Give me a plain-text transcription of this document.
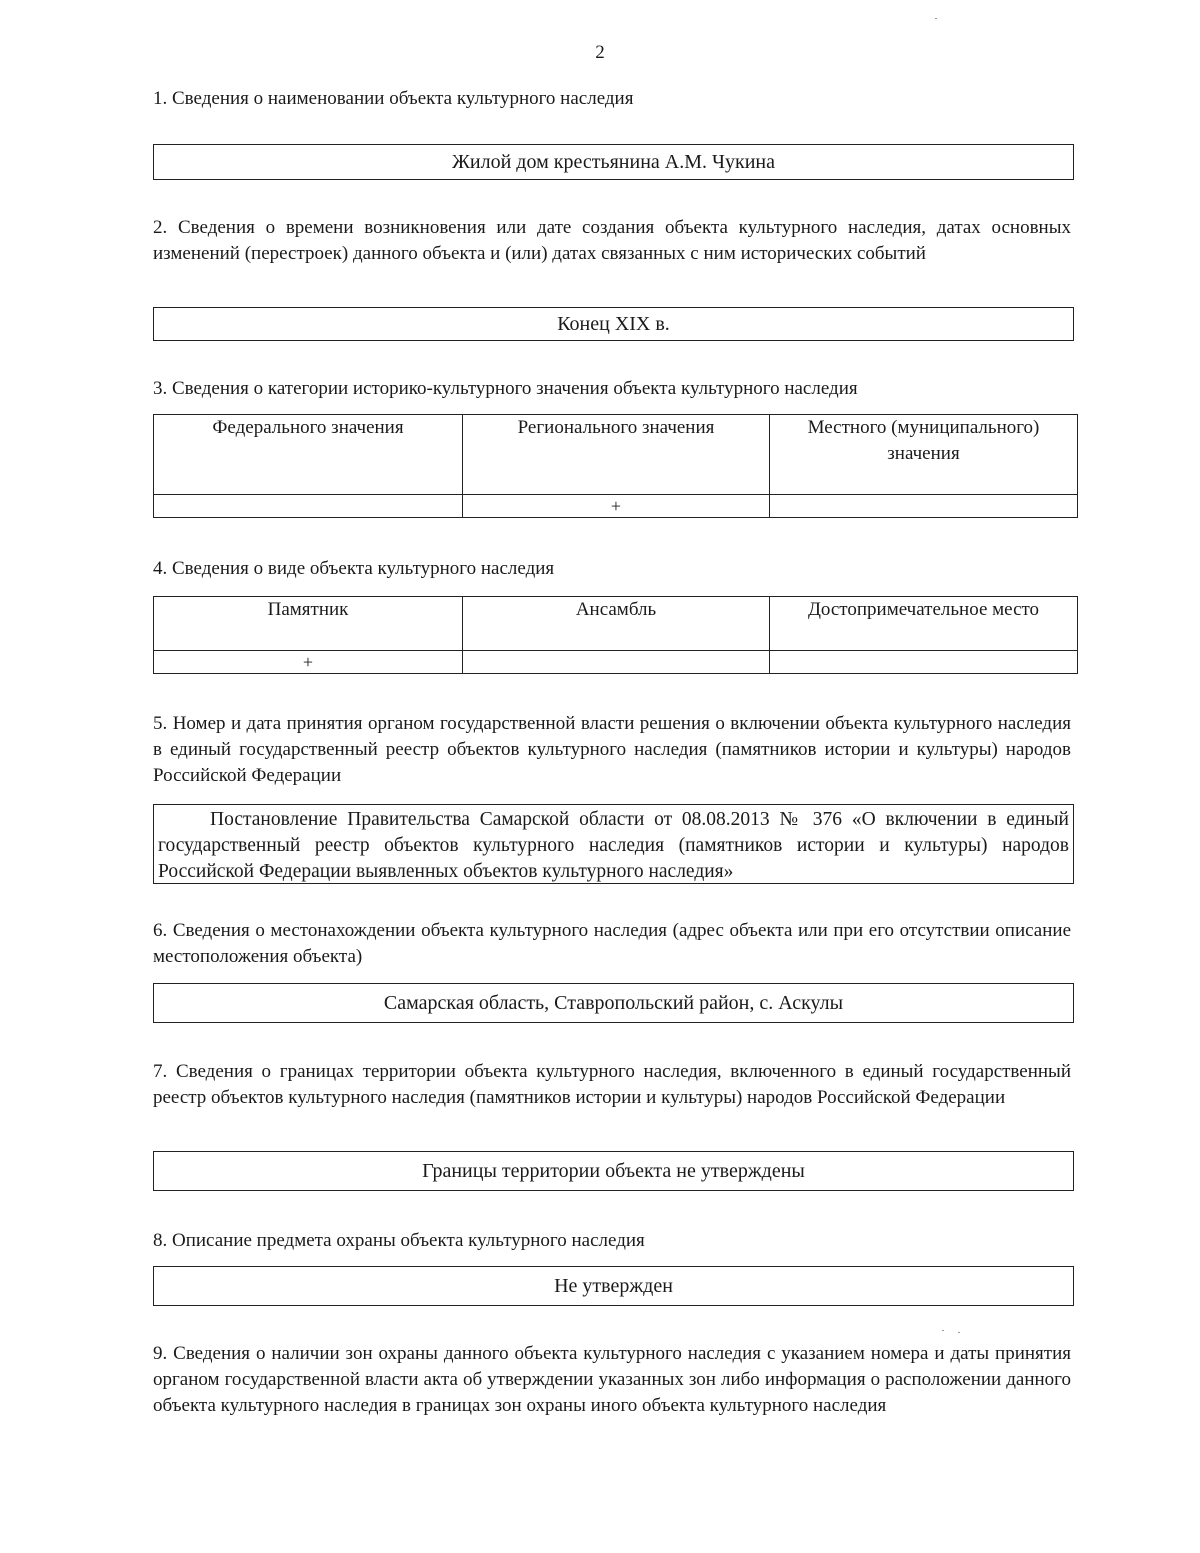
2
1. Сведения о наименовании объекта культурного наследия
Жилой дом крестьянина А.М. Чукина
2. Сведения о времени возникновения или дате создания объекта культурного наследия, датах основных изменений (перестроек) данного объекта и (или) датах связанных с ним исторических событий
Конец XIX в.
3. Сведения о категории историко-культурного значения объекта культурного наследия
Федерального значения	Регионального значения	Местного (муниципального) значения
	+	
4. Сведения о виде объекта культурного наследия
Памятник	Ансамбль	Достопримечательное место
+		
5. Номер и дата принятия органом государственной власти решения о включении объекта культурного наследия в единый государственный реестр объектов культурного наследия (памятников истории и культуры) народов Российской Федерации
Постановление Правительства Самарской области от 08.08.2013 № 376 «О включении в единый государственный реестр объектов культурного наследия (памятников истории и культуры) народов Российской Федерации выявленных объектов культурного наследия»
6. Сведения о местонахождении объекта культурного наследия (адрес объекта или при его отсутствии описание местоположения объекта)
Самарская область, Ставропольский район, с. Аскулы
7. Сведения о границах территории объекта культурного наследия, включенного в единый государственный реестр объектов культурного наследия (памятников истории и культуры) народов Российской Федерации
Границы территории объекта не утверждены
8. Описание предмета охраны объекта культурного наследия
Не утвержден
9. Сведения о наличии зон охраны данного объекта культурного наследия с указанием номера и даты принятия органом государственной власти акта об утверждении указанных зон либо информация о расположении данного объекта культурного наследия в границах зон охраны иного объекта культурного наследия
